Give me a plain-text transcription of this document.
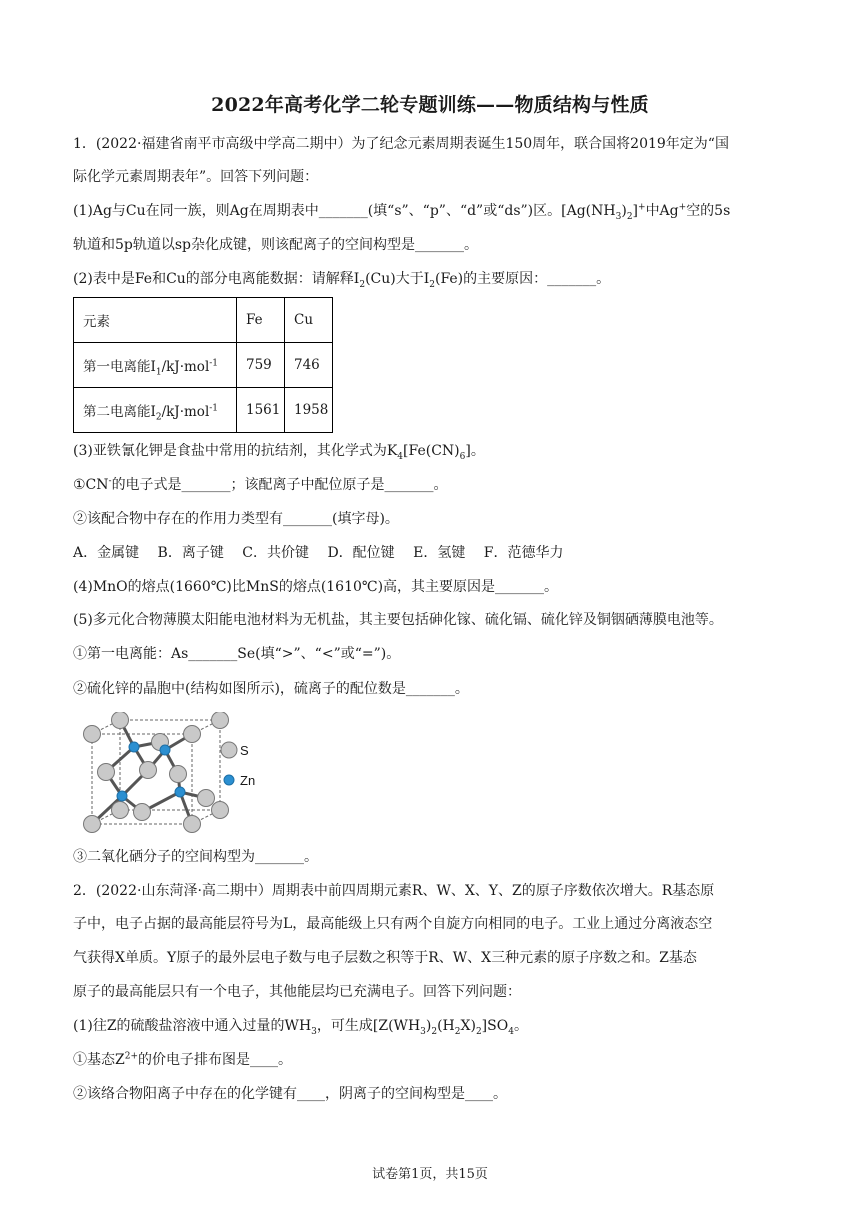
2022年高考化学二轮专题训练——物质结构与性质
1．(2022·福建省南平市高级中学高二期中）为了纪念元素周期表诞生150周年，联合国将2019年定为“国
际化学元素周期表年”。回答下列问题：
(1)Ag与Cu在同一族，则Ag在周期表中_______(填“s”、“p”、“d”或“ds”)区。$[Ag(NH_3)_2]^+$中Ag+空的5s
轨道和5p轨道以sp杂化成键，则该配离子的空间构型是_______。
(2)表中是Fe和Cu的部分电离能数据：请解释$I_2(Cu)$大于$I_2(Fe)$的主要原因：_______。
元素	Fe	Cu
第一电离能$I_1/kJ\cdot mol^{-1}$	759	746
第二电离能$I_2/kJ\cdot mol^{-1}$	1561	1958
(3)亚铁氰化钾是食盐中常用的抗结剂，其化学式为$K_4[Fe(CN)_6]$。
①CN-的电子式是_______；该配离子中配位原子是_______。
②该配合物中存在的作用力类型有_______(填字母)。
A．金属键　 B．离子键　 C．共价键　 D．配位键　 E．氢键　 F．范德华力
(4)MnO的熔点(1660℃)比MnS的熔点(1610℃)高，其主要原因是_______。
(5)多元化合物薄膜太阳能电池材料为无机盐，其主要包括砷化镓、硫化镉、硫化锌及铜铟硒薄膜电池等。
①第一电离能：As_______Se(填“>”、“<”或“=”)。
②硫化锌的晶胞中(结构如图所示)，硫离子的配位数是_______。
S
Zn
③二氧化硒分子的空间构型为_______。
2．(2022·山东菏泽·高二期中）周期表中前四周期元素R、W、X、Y、Z的原子序数依次增大。R基态原
子中，电子占据的最高能层符号为L，最高能级上只有两个自旋方向相同的电子。工业上通过分离液态空
气获得X单质。Y原子的最外层电子数与电子层数之积等于R、W、X三种元素的原子序数之和。Z基态
原子的最高能层只有一个电子，其他能层均已充满电子。回答下列问题：
(1)往Z的硫酸盐溶液中通入过量的$WH_3$，可生成$[Z(WH_3)_2(H_2X)_2]SO_4$。
①基态$Z^{2+}$的价电子排布图是____。
②该络合物阳离子中存在的化学键有____，阴离子的空间构型是____。
试卷第1页，共15页
